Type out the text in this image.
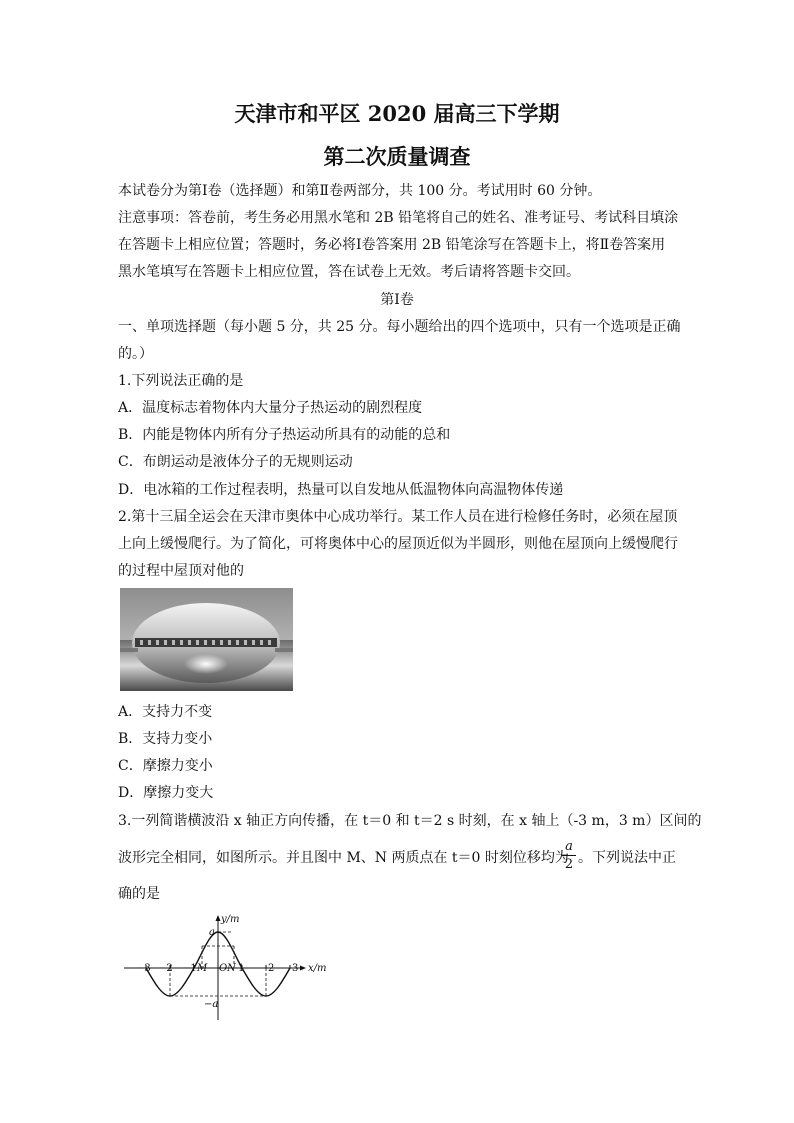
天津市和平区 2020 届高三下学期
第二次质量调查
本试卷分为第Ⅰ卷（选择题）和第Ⅱ卷两部分，共 100 分。考试用时 60 分钟。
注意事项：答卷前，考生务必用黑水笔和 2B 铅笔将自己的姓名、准考证号、考试科目填涂
在答题卡上相应位置；答题时，务必将Ⅰ卷答案用 2B 铅笔涂写在答题卡上，将Ⅱ卷答案用
黑水笔填写在答题卡上相应位置，答在试卷上无效。考后请将答题卡交回。
第Ⅰ卷
一、单项选择题（每小题 5 分，共 25 分。每小题给出的四个选项中，只有一个选项是正确
的。）
1.下列说法正确的是
A．温度标志着物体内大量分子热运动的剧烈程度
B．内能是物体内所有分子热运动所具有的动能的总和
C．布朗运动是液体分子的无规则运动
D．电冰箱的工作过程表明，热量可以自发地从低温物体向高温物体传递
2.第十三届全运会在天津市奥体中心成功举行。某工作人员在进行检修任务时，必须在屋顶
上向上缓慢爬行。为了简化，可将奥体中心的屋顶近似为半圆形，则他在屋顶向上缓慢爬行
的过程中屋顶对他的
A．支持力不变
B．支持力变小
C．摩擦力变小
D．摩擦力变大
3.一列简谐横波沿 x 轴正方向传播，在 t＝0 和 t＝2 s 时刻，在 x 轴上（-3 m，3 m）区间的
波形完全相同，如图所示。并且图中 M、N 两质点在 t＝0 时刻位移均为
a
2 。下列说法中正
确的是
y/m
x/m
a
−a
−3 −2 −1 M O N 1 2 3
